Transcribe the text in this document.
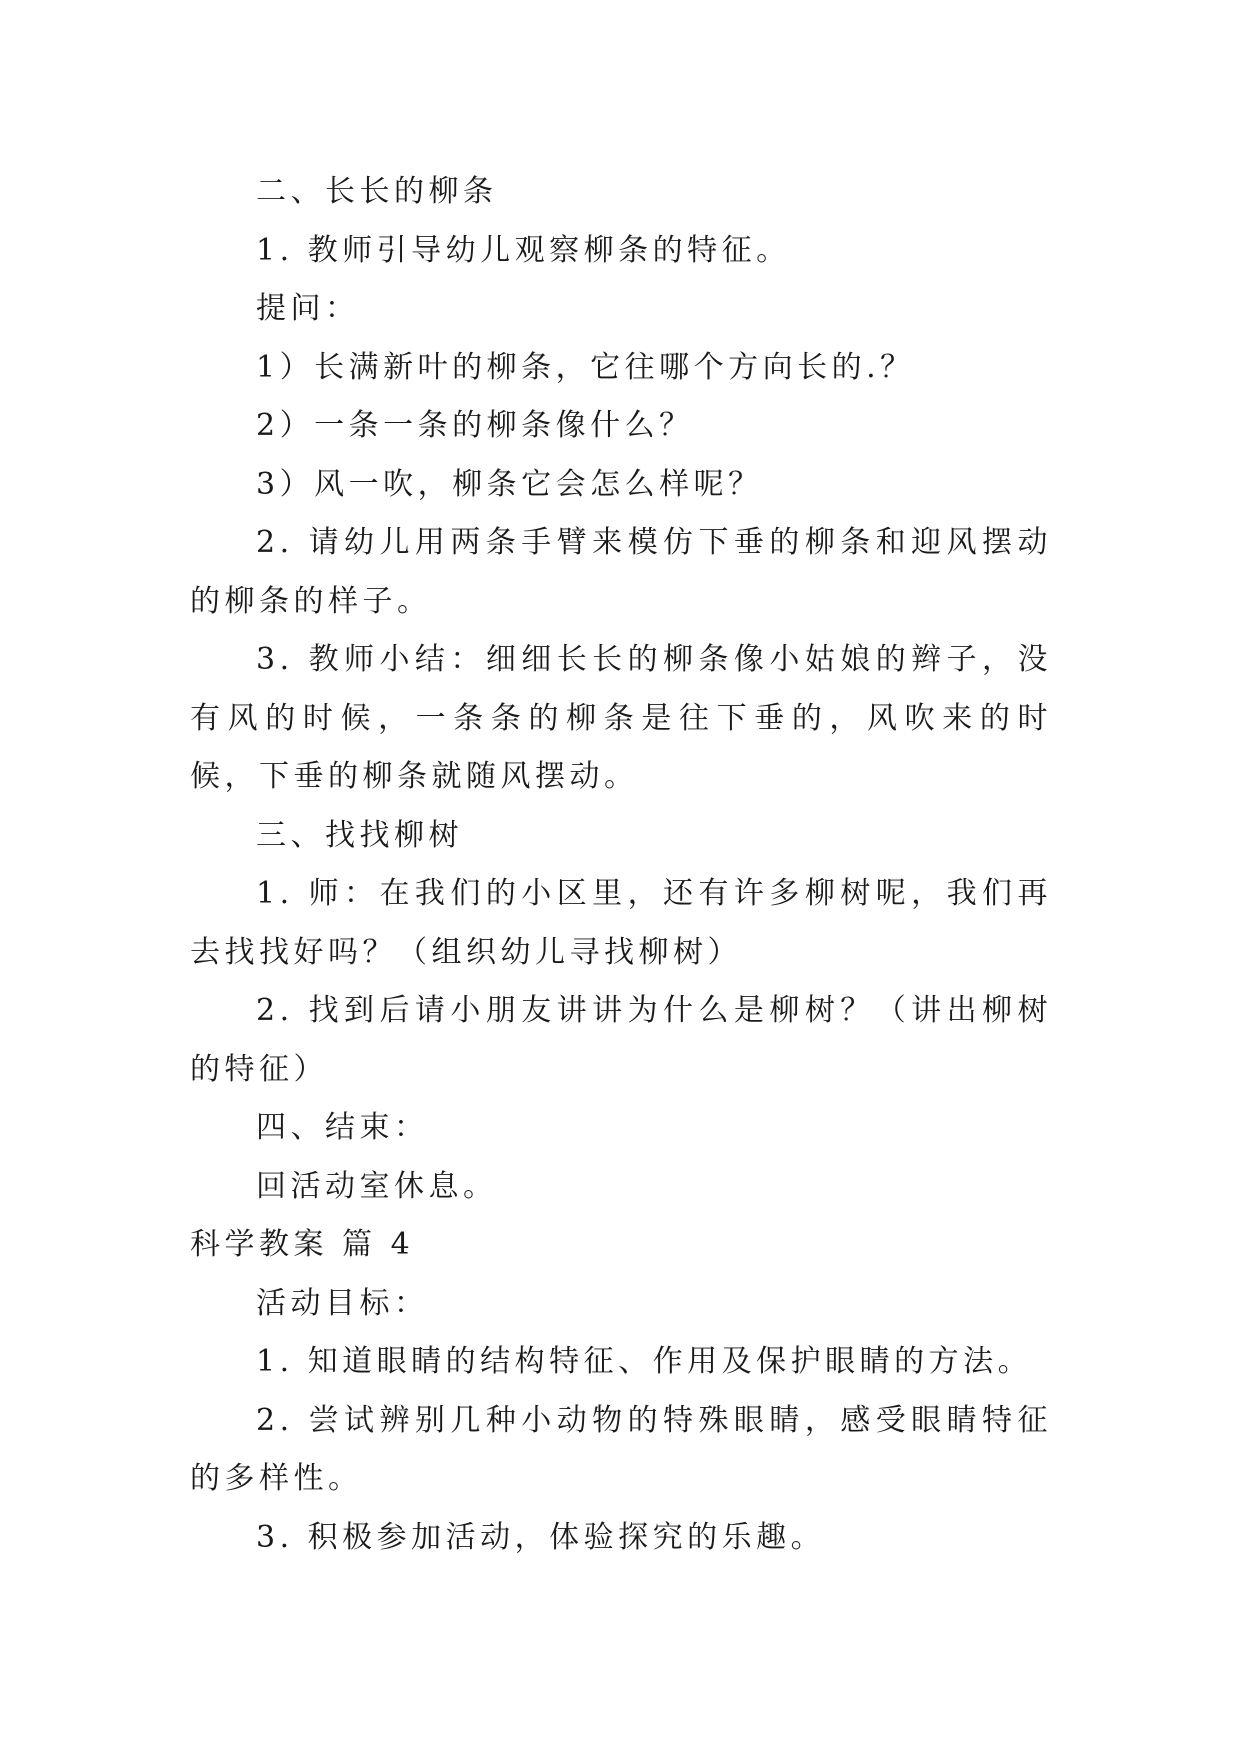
二、长长的柳条

1. 教师引导幼儿观察柳条的特征。

提问：

1）长满新叶的柳条，它往哪个方向长的.？

2）一条一条的柳条像什么？

3）风一吹，柳条它会怎么样呢？

2. 请幼儿用两条手臂来模仿下垂的柳条和迎风摆动的柳条的样子。

3. 教师小结：细细长长的柳条像小姑娘的辫子，没有风的时候，一条条的柳条是往下垂的，风吹来的时候，下垂的柳条就随风摆动。

三、找找柳树

1. 师：在我们的小区里，还有许多柳树呢，我们再去找找好吗？（组织幼儿寻找柳树）

2. 找到后请小朋友讲讲为什么是柳树？（讲出柳树的特征）

四、结束：

回活动室休息。

科学教案 篇 4

活动目标：

1. 知道眼睛的结构特征、作用及保护眼睛的方法。

2. 尝试辨别几种小动物的特殊眼睛，感受眼睛特征的多样性。

3. 积极参加活动，体验探究的乐趣。
